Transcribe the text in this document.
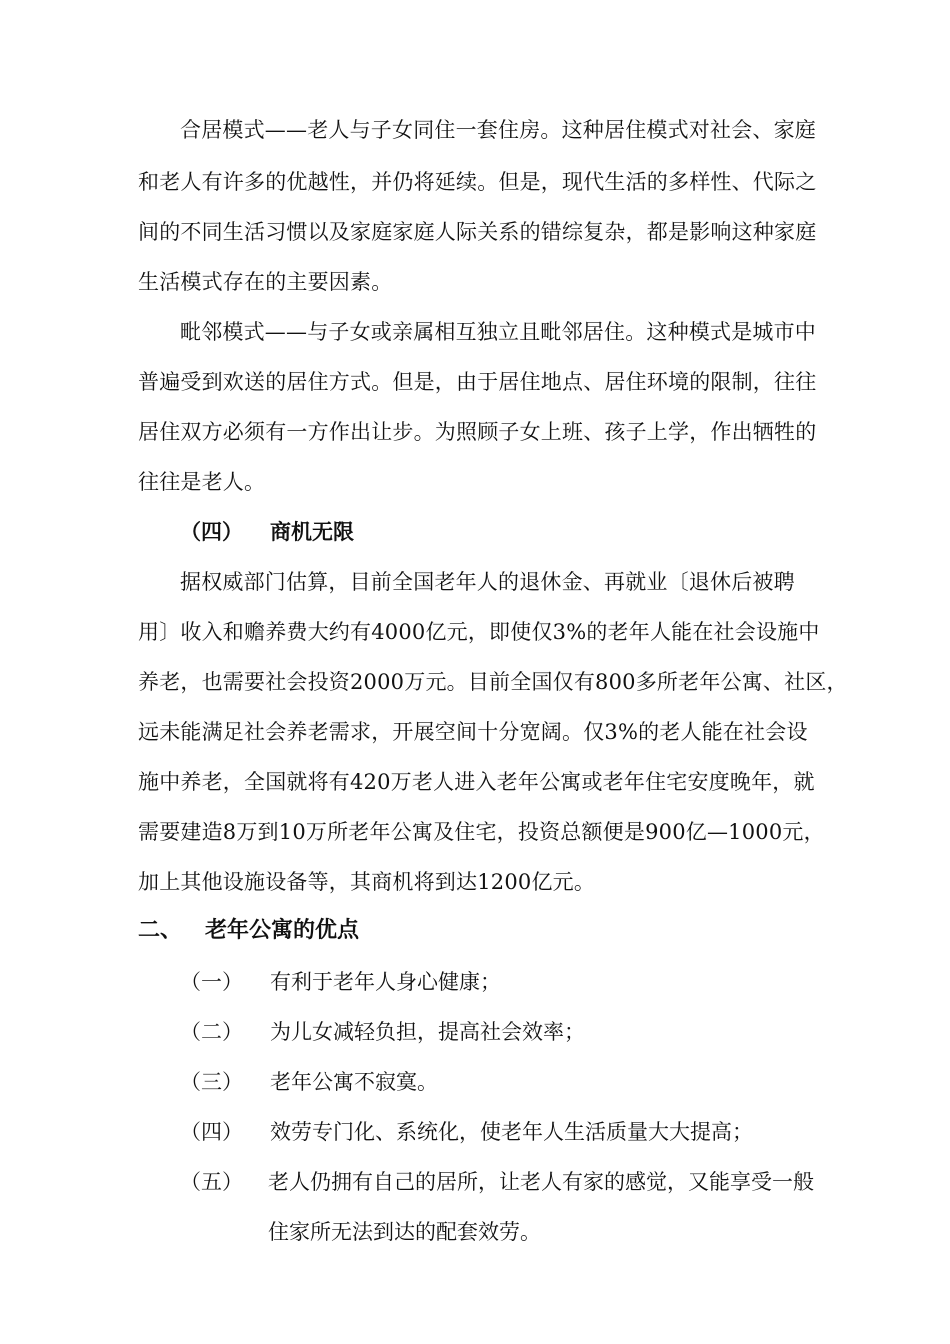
合居模式——老人与子女同住一套住房。这种居住模式对社会、家庭
和老人有许多的优越性，并仍将延续。但是，现代生活的多样性、代际之
间的不同生活习惯以及家庭家庭人际关系的错综复杂，都是影响这种家庭
生活模式存在的主要因素。
毗邻模式——与子女或亲属相互独立且毗邻居住。这种模式是城市中
普遍受到欢送的居住方式。但是，由于居住地点、居住环境的限制，往往
居住双方必须有一方作出让步。为照顾子女上班、孩子上学，作出牺牲的
往往是老人。
（四） 商机无限
据权威部门估算，目前全国老年人的退休金、再就业〔退休后被聘
用〕收入和赡养费大约有4000亿元，即使仅3%的老年人能在社会设施中
养老，也需要社会投资2000万元。目前全国仅有800多所老年公寓、社区，
远未能满足社会养老需求，开展空间十分宽阔。仅3%的老人能在社会设
施中养老，全国就将有420万老人进入老年公寓或老年住宅安度晚年，就
需要建造8万到10万所老年公寓及住宅，投资总额便是900亿—1000元，
加上其他设施设备等，其商机将到达1200亿元。
二、 老年公寓的优点
（一） 有利于老年人身心健康；
（二） 为儿女减轻负担，提高社会效率；
（三） 老年公寓不寂寞。
（四） 效劳专门化、系统化，使老年人生活质量大大提高；
（五） 老人仍拥有自己的居所，让老人有家的感觉，又能享受一般
住家所无法到达的配套效劳。
